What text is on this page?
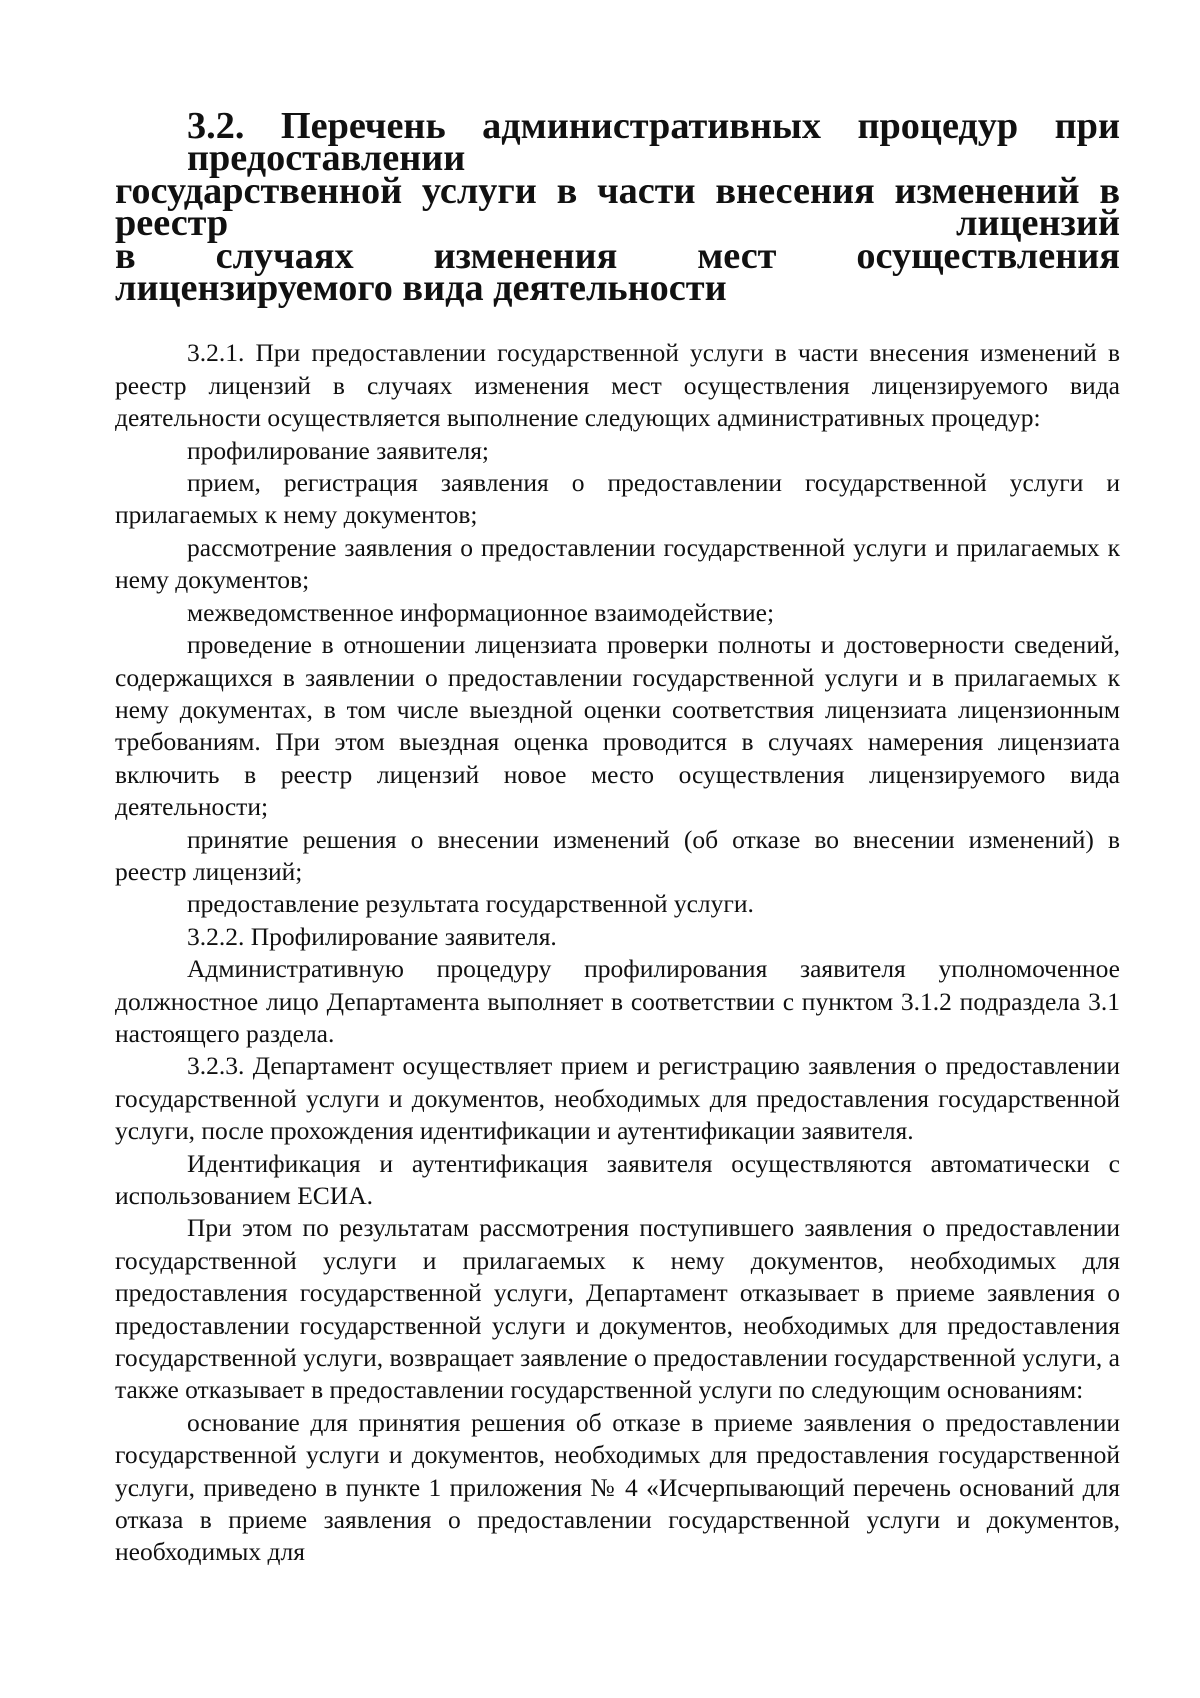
3.2. Перечень административных процедур при предоставлении
государственной услуги в части внесения изменений в реестр лицензий
в случаях изменения мест осуществления лицензируемого вида деятельности

3.2.1. При предоставлении государственной услуги в части внесения изменений в реестр лицензий в случаях изменения мест осуществления лицензируемого вида деятельности осуществляется выполнение следующих административных процедур:

профилирование заявителя;

прием, регистрация заявления о предоставлении государственной услуги и прилагаемых к нему документов;

рассмотрение заявления о предоставлении государственной услуги и прилагаемых к нему документов;

межведомственное информационное взаимодействие;

проведение в отношении лицензиата проверки полноты и достоверности сведений, содержащихся в заявлении о предоставлении государственной услуги и в прилагаемых к нему документах, в том числе выездной оценки соответствия лицензиата лицензионным требованиям. При этом выездная оценка проводится в случаях намерения лицензиата включить в реестр лицензий новое место осуществления лицензируемого вида деятельности;

принятие решения о внесении изменений (об отказе во внесении изменений) в реестр лицензий;

предоставление результата государственной услуги.

3.2.2. Профилирование заявителя.

Административную процедуру профилирования заявителя уполномоченное должностное лицо Департамента выполняет в соответствии с пунктом 3.1.2 подраздела 3.1 настоящего раздела.

3.2.3. Департамент осуществляет прием и регистрацию заявления о предоставлении государственной услуги и документов, необходимых для предоставления государственной услуги, после прохождения идентификации и аутентификации заявителя.

Идентификация и аутентификация заявителя осуществляются автоматически с использованием ЕСИА.

При этом по результатам рассмотрения поступившего заявления о предоставлении государственной услуги и прилагаемых к нему документов, необходимых для предоставления государственной услуги, Департамент отказывает в приеме заявления о предоставлении государственной услуги и документов, необходимых для предоставления государственной услуги, возвращает заявление о предоставлении государственной услуги, а также отказывает в предоставлении государственной услуги по следующим основаниям:

основание для принятия решения об отказе в приеме заявления о предоставлении государственной услуги и документов, необходимых для предоставления государственной услуги, приведено в пункте 1 приложения № 4 «Исчерпывающий перечень оснований для отказа в приеме заявления о предоставлении государственной услуги и документов, необходимых для
